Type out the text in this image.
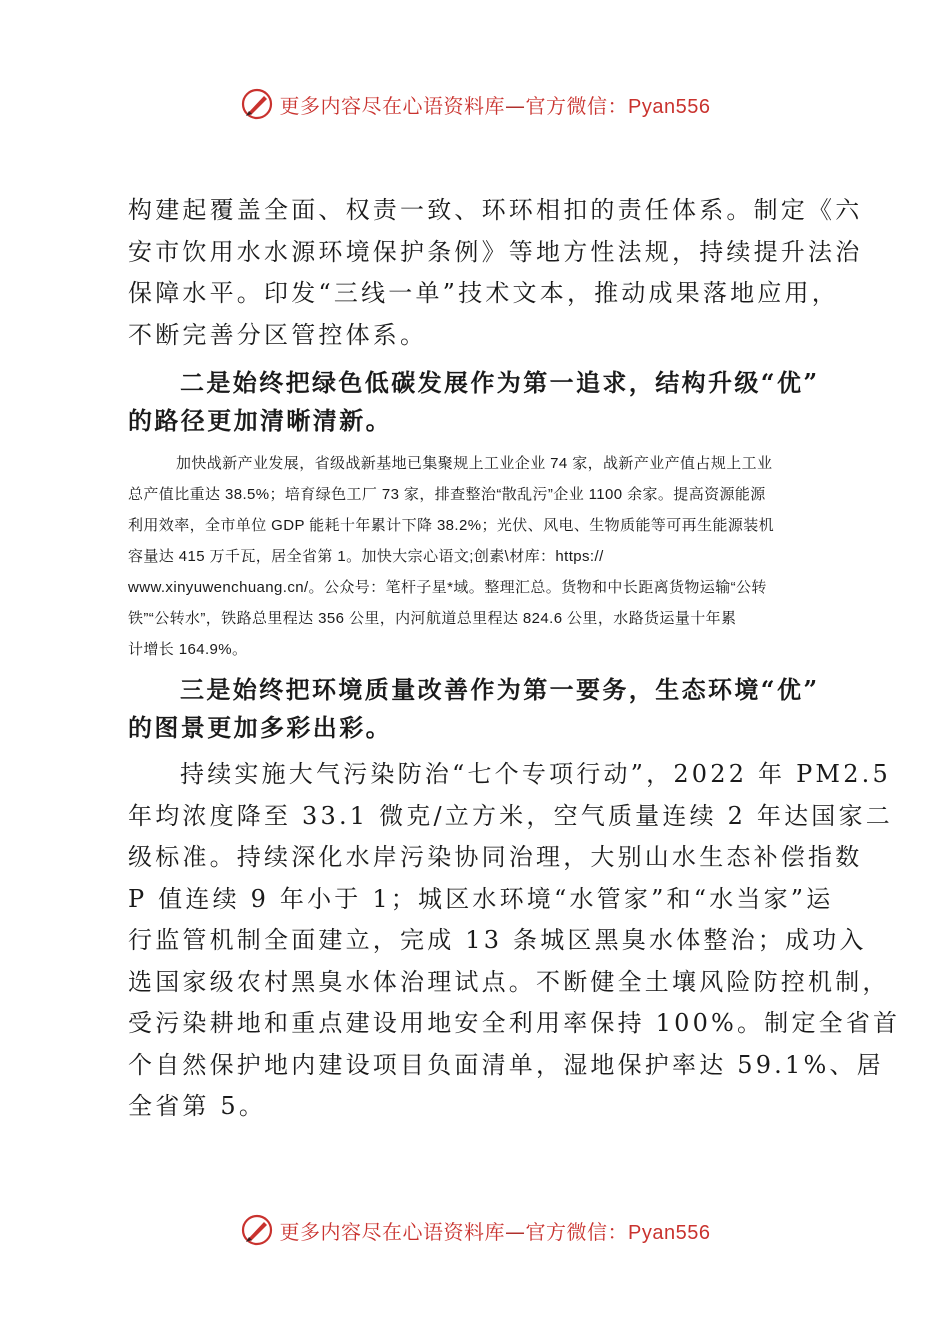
更多内容尽在心语资料库—官方微信：Pyan556

构建起覆盖全面、权责一致、环环相扣的责任体系。制定《六
安市饮用水水源环境保护条例》等地方性法规，持续提升法治
保障水平。印发“三线一单”技术文本，推动成果落地应用，
不断完善分区管控体系。

二是始终把绿色低碳发展作为第一追求，结构升级“优”

的路径更加清晰清新。

加快战新产业发展，省级战新基地已集聚规上工业企业 74 家，战新产业产值占规上工业

总产值比重达 38.5%；培育绿色工厂 73 家，排查整治“散乱污”企业 1100 余家。提高资源能源
利用效率，全市单位 GDP 能耗十年累计下降 38.2%；光伏、风电、生物质能等可再生能源装机
容量达 415 万千瓦，居全省第 1。加快大宗心语文;创素\材库：https://
www.xinyuwenchuang.cn/。公众号：笔杆子星*域。整理汇总。货物和中长距离货物运输“公转
铁”“公转水”，铁路总里程达 356 公里，内河航道总里程达 824.6 公里，水路货运量十年累
计增长 164.9%。

三是始终把环境质量改善作为第一要务，生态环境“优”

的图景更加多彩出彩。

持续实施大气污染防治“七个专项行动”，2022 年 PM2.5

年均浓度降至 33.1 微克/立方米，空气质量连续 2 年达国家二
级标准。持续深化水岸污染协同治理，大别山水生态补偿指数
P 值连续 9 年小于 1；城区水环境“水管家”和“水当家”运
行监管机制全面建立，完成 13 条城区黑臭水体整治；成功入
选国家级农村黑臭水体治理试点。不断健全土壤风险防控机制，
受污染耕地和重点建设用地安全利用率保持 100%。制定全省首
个自然保护地内建设项目负面清单，湿地保护率达 59.1%、居
全省第 5。

更多内容尽在心语资料库—官方微信：Pyan556
